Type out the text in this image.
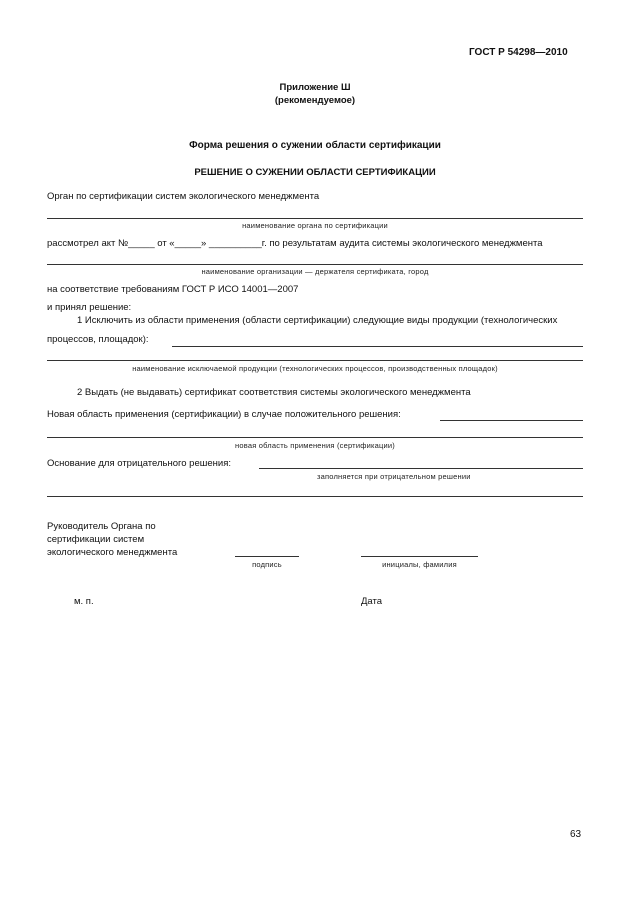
ГОСТ Р 54298—2010
Приложение Ш
(рекомендуемое)
Форма решения о сужении области сертификации
РЕШЕНИЕ О СУЖЕНИИ ОБЛАСТИ СЕРТИФИКАЦИИ
Орган по сертификации систем экологического менеджмента
наименование органа по сертификации
рассмотрел акт №_____ от «_____» __________г. по результатам аудита системы экологического менеджмента
наименование организации — держателя сертификата, город
на соответствие требованиям ГОСТ Р ИСО 14001—2007
и принял решение:
1 Исключить из области применения (области сертификации) следующие виды продукции (технологических
процессов, площадок):
наименование исключаемой продукции (технологических процессов, производственных площадок)
2 Выдать (не выдавать) сертификат соответствия системы экологического менеджмента
Новая область применения (сертификации) в случае положительного решения:
новая область применения (сертификации)
Основание для отрицательного решения:
заполняется при отрицательном решении
Руководитель Органа по
сертификации систем
экологического менеджмента
подпись	инициалы, фамилия
м. п.	Дата
63
